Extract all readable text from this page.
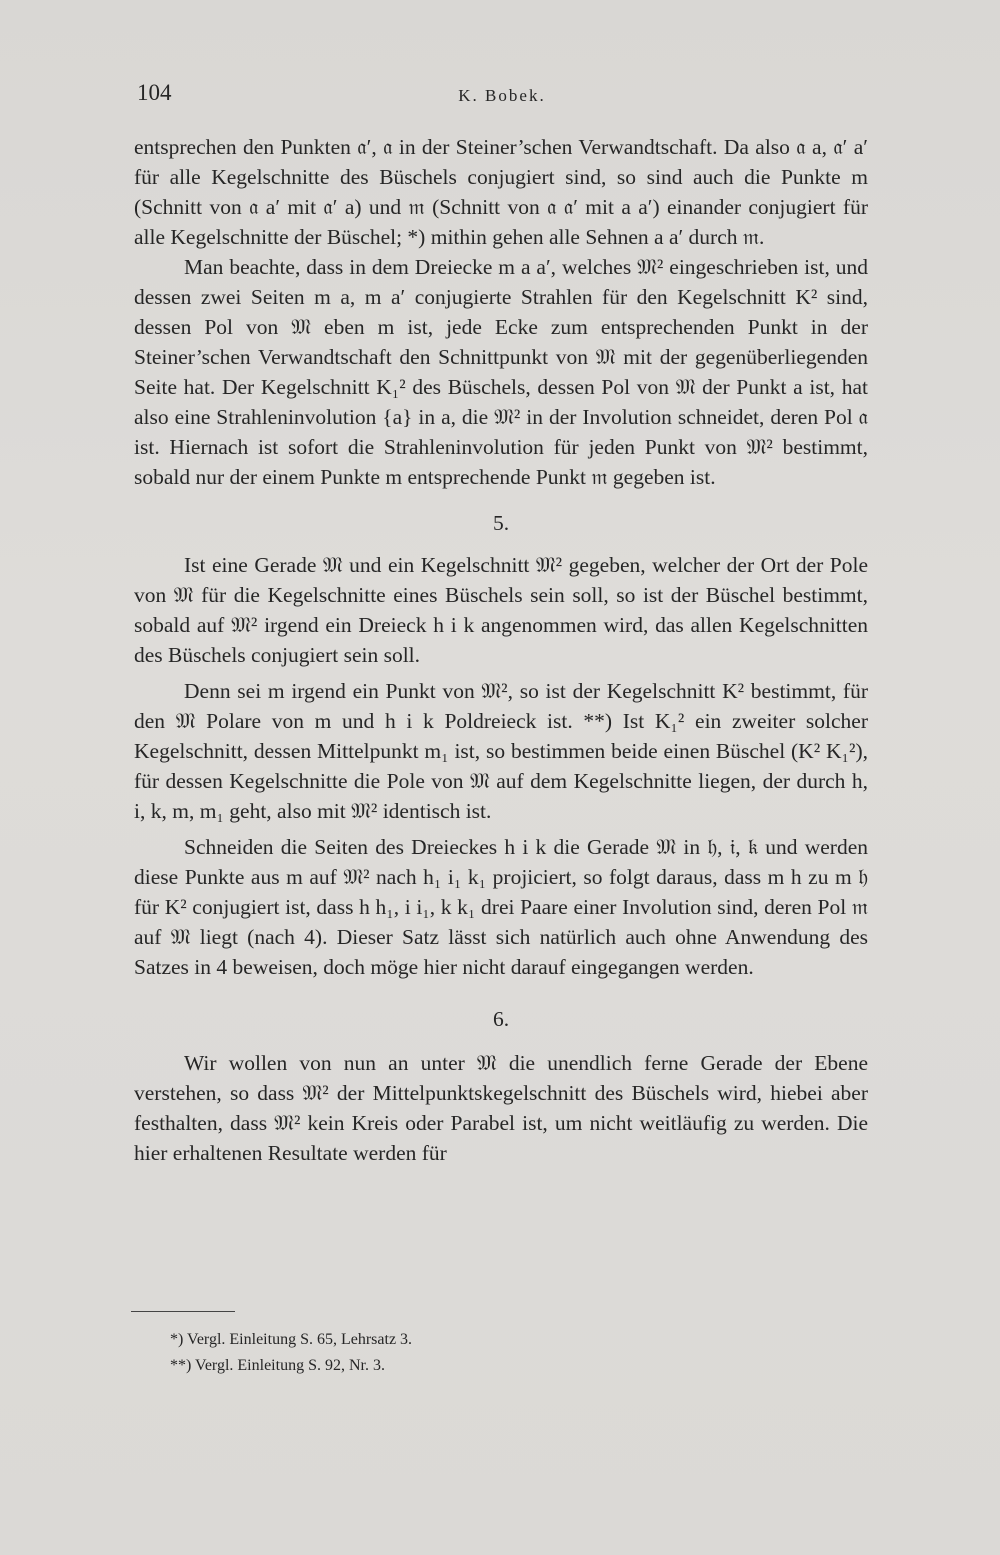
104	K. Bobek.

entsprechen den Punkten 𝔞′, 𝔞 in der Steiner’schen Verwandtschaft. Da also 𝔞 a, 𝔞′ a′ für alle Kegelschnitte des Büschels conjugiert sind, so sind auch die Punkte m (Schnitt von 𝔞 a′ mit 𝔞′ a) und 𝔪 (Schnitt von 𝔞 𝔞′ mit a a′) einander conjugiert für alle Kegelschnitte der Büschel; *) mithin gehen alle Sehnen a a′ durch 𝔪.

Man beachte, dass in dem Dreiecke m a a′, welches 𝔐² eingeschrieben ist, und dessen zwei Seiten m a, m a′ conjugierte Strahlen für den Kegelschnitt K² sind, dessen Pol von 𝔐 eben m ist, jede Ecke zum entsprechenden Punkt in der Steiner’schen Verwandtschaft den Schnittpunkt von 𝔐 mit der gegenüberliegenden Seite hat. Der Kegelschnitt K₁² des Büschels, dessen Pol von 𝔐 der Punkt a ist, hat also eine Strahleninvolution {a} in a, die 𝔐² in der Involution schneidet, deren Pol 𝔞 ist. Hiernach ist sofort die Strahleninvolution für jeden Punkt von 𝔐² bestimmt, sobald nur der einem Punkte m entsprechende Punkt 𝔪 gegeben ist.

5.

Ist eine Gerade 𝔐 und ein Kegelschnitt 𝔐² gegeben, welcher der Ort der Pole von 𝔐 für die Kegelschnitte eines Büschels sein soll, so ist der Büschel bestimmt, sobald auf 𝔐² irgend ein Dreieck h i k angenommen wird, das allen Kegelschnitten des Büschels conjugiert sein soll.

Denn sei m irgend ein Punkt von 𝔐², so ist der Kegelschnitt K² bestimmt, für den 𝔐 Polare von m und h i k Poldreieck ist. **) Ist K₁² ein zweiter solcher Kegelschnitt, dessen Mittelpunkt m₁ ist, so bestimmen beide einen Büschel (K² K₁²), für dessen Kegelschnitte die Pole von 𝔐 auf dem Kegelschnitte liegen, der durch h, i, k, m, m₁ geht, also mit 𝔐² identisch ist.

Schneiden die Seiten des Dreieckes h i k die Gerade 𝔐 in 𝔥, 𝔦, 𝔨 und werden diese Punkte aus m auf 𝔐² nach h₁ i₁ k₁ projiciert, so folgt daraus, dass m h zu m 𝔥 für K² conjugiert ist, dass h h₁, i i₁, k k₁ drei Paare einer Involution sind, deren Pol 𝔪 auf 𝔐 liegt (nach 4). Dieser Satz lässt sich natürlich auch ohne Anwendung des Satzes in 4 beweisen, doch möge hier nicht darauf eingegangen werden.

6.

Wir wollen von nun an unter 𝔐 die unendlich ferne Gerade der Ebene verstehen, so dass 𝔐² der Mittelpunktskegelschnitt des Büschels wird, hiebei aber festhalten, dass 𝔐² kein Kreis oder Parabel ist, um nicht weitläufig zu werden. Die hier erhaltenen Resultate werden für

*) Vergl. Einleitung S. 65, Lehrsatz 3.
**) Vergl. Einleitung S. 92, Nr. 3.
